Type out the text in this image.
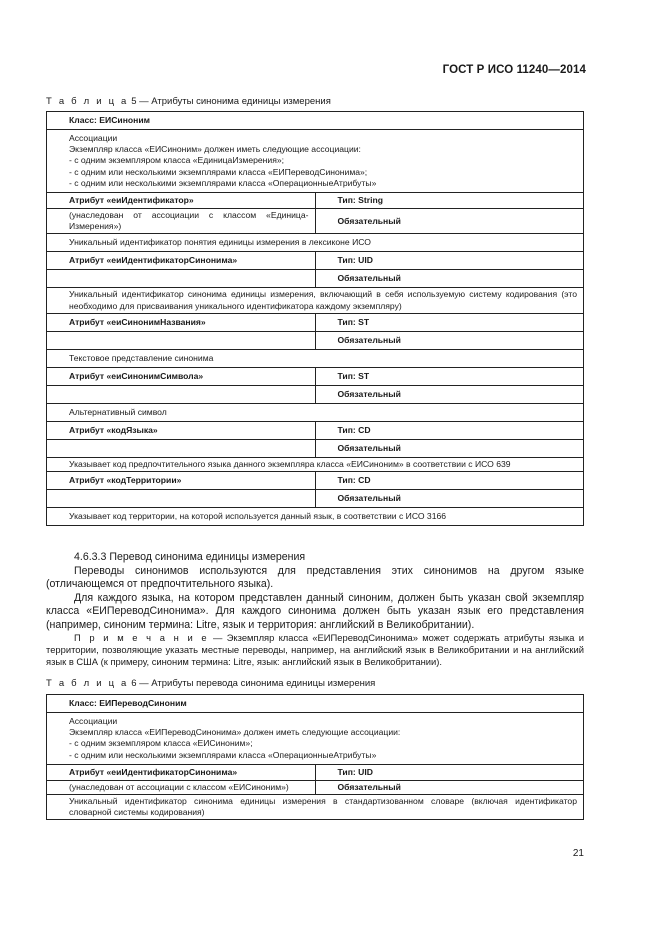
ГОСТ Р ИСО 11240—2014
Т а б л и ц а 5 — Атрибуты синонима единицы измерения
Класс: ЕИСиноним	

Ассоциации
Экземпляр класса «ЕИСиноним» должен иметь следующие ассоциации:
- с одним экземпляром класса «ЕдиницаИзмерения»;
- с одним или несколькими экземплярами класса «ЕИПереводСинонима»;
- с одним или несколькими экземплярами класса «ОперационныеАтрибуты»	

Атрибут «еиИдентификатор»	Тип: String
(унаследован от ассоциации с классом «Единица-Измерения»)	Обязательный
Уникальный идентификатор понятия единицы измерения в лексиконе ИСО	
Атрибут «еиИдентификаторСинонима»	Тип: UID
	Обязательный
Уникальный идентификатор синонима единицы измерения, включающий в себя используемую систему кодирования (это необходимо для присваивания уникального идентификатора каждому экземпляру)	
Атрибут «еиСинонимНазвания»	Тип: ST
	Обязательный
Текстовое представление синонима	
Атрибут «еиСинонимСимвола»	Тип: ST
	Обязательный
Альтернативный символ	
Атрибут «кодЯзыка»	Тип: CD
	Обязательный
Указывает код предпочтительного языка данного экземпляра класса «ЕИСиноним» в соответствии с ИСО 639	
Атрибут «кодТерритории»	Тип: CD
	Обязательный
Указывает код территории, на которой используется данный язык, в соответствии с ИСО 3166	

4.6.3.3 Перевод синонима единицы измерения

Переводы синонимов используются для представления этих синонимов на другом языке (отличающемся от предпочтительного языка).

Для каждого языка, на котором представлен данный синоним, должен быть указан свой экземпляр класса «ЕИПереводСинонима». Для каждого синонима должен быть указан язык его представления (например, синоним термина: Litre, язык и территория: английский в Великобритании).

П р и м е ч а н и е — Экземпляр класса «ЕИПереводСинонима» может содержать атрибуты языка и территории, позволяющие указать местные переводы, например, на английский язык в Великобритании и на английский язык в США (к примеру, синоним термина: Litre, язык: английский язык в Великобритании).

Т а б л и ц а 6 — Атрибуты перевода синонима единицы измерения
Класс: ЕИПереводСиноним	

Ассоциации
Экземпляр класса «ЕИПереводСинонима» должен иметь следующие ассоциации:
- с одним экземпляром класса «ЕИСиноним»;
- с одним или несколькими экземплярами класса «ОперационныеАтрибуты»	

Атрибут «еиИдентификаторСинонима»	Тип: UID
(унаследован от ассоциации с классом «ЕИСиноним»)	Обязательный
Уникальный идентификатор синонима единицы измерения в стандартизованном словаре (включая идентификатор словарной системы кодирования)	
21
